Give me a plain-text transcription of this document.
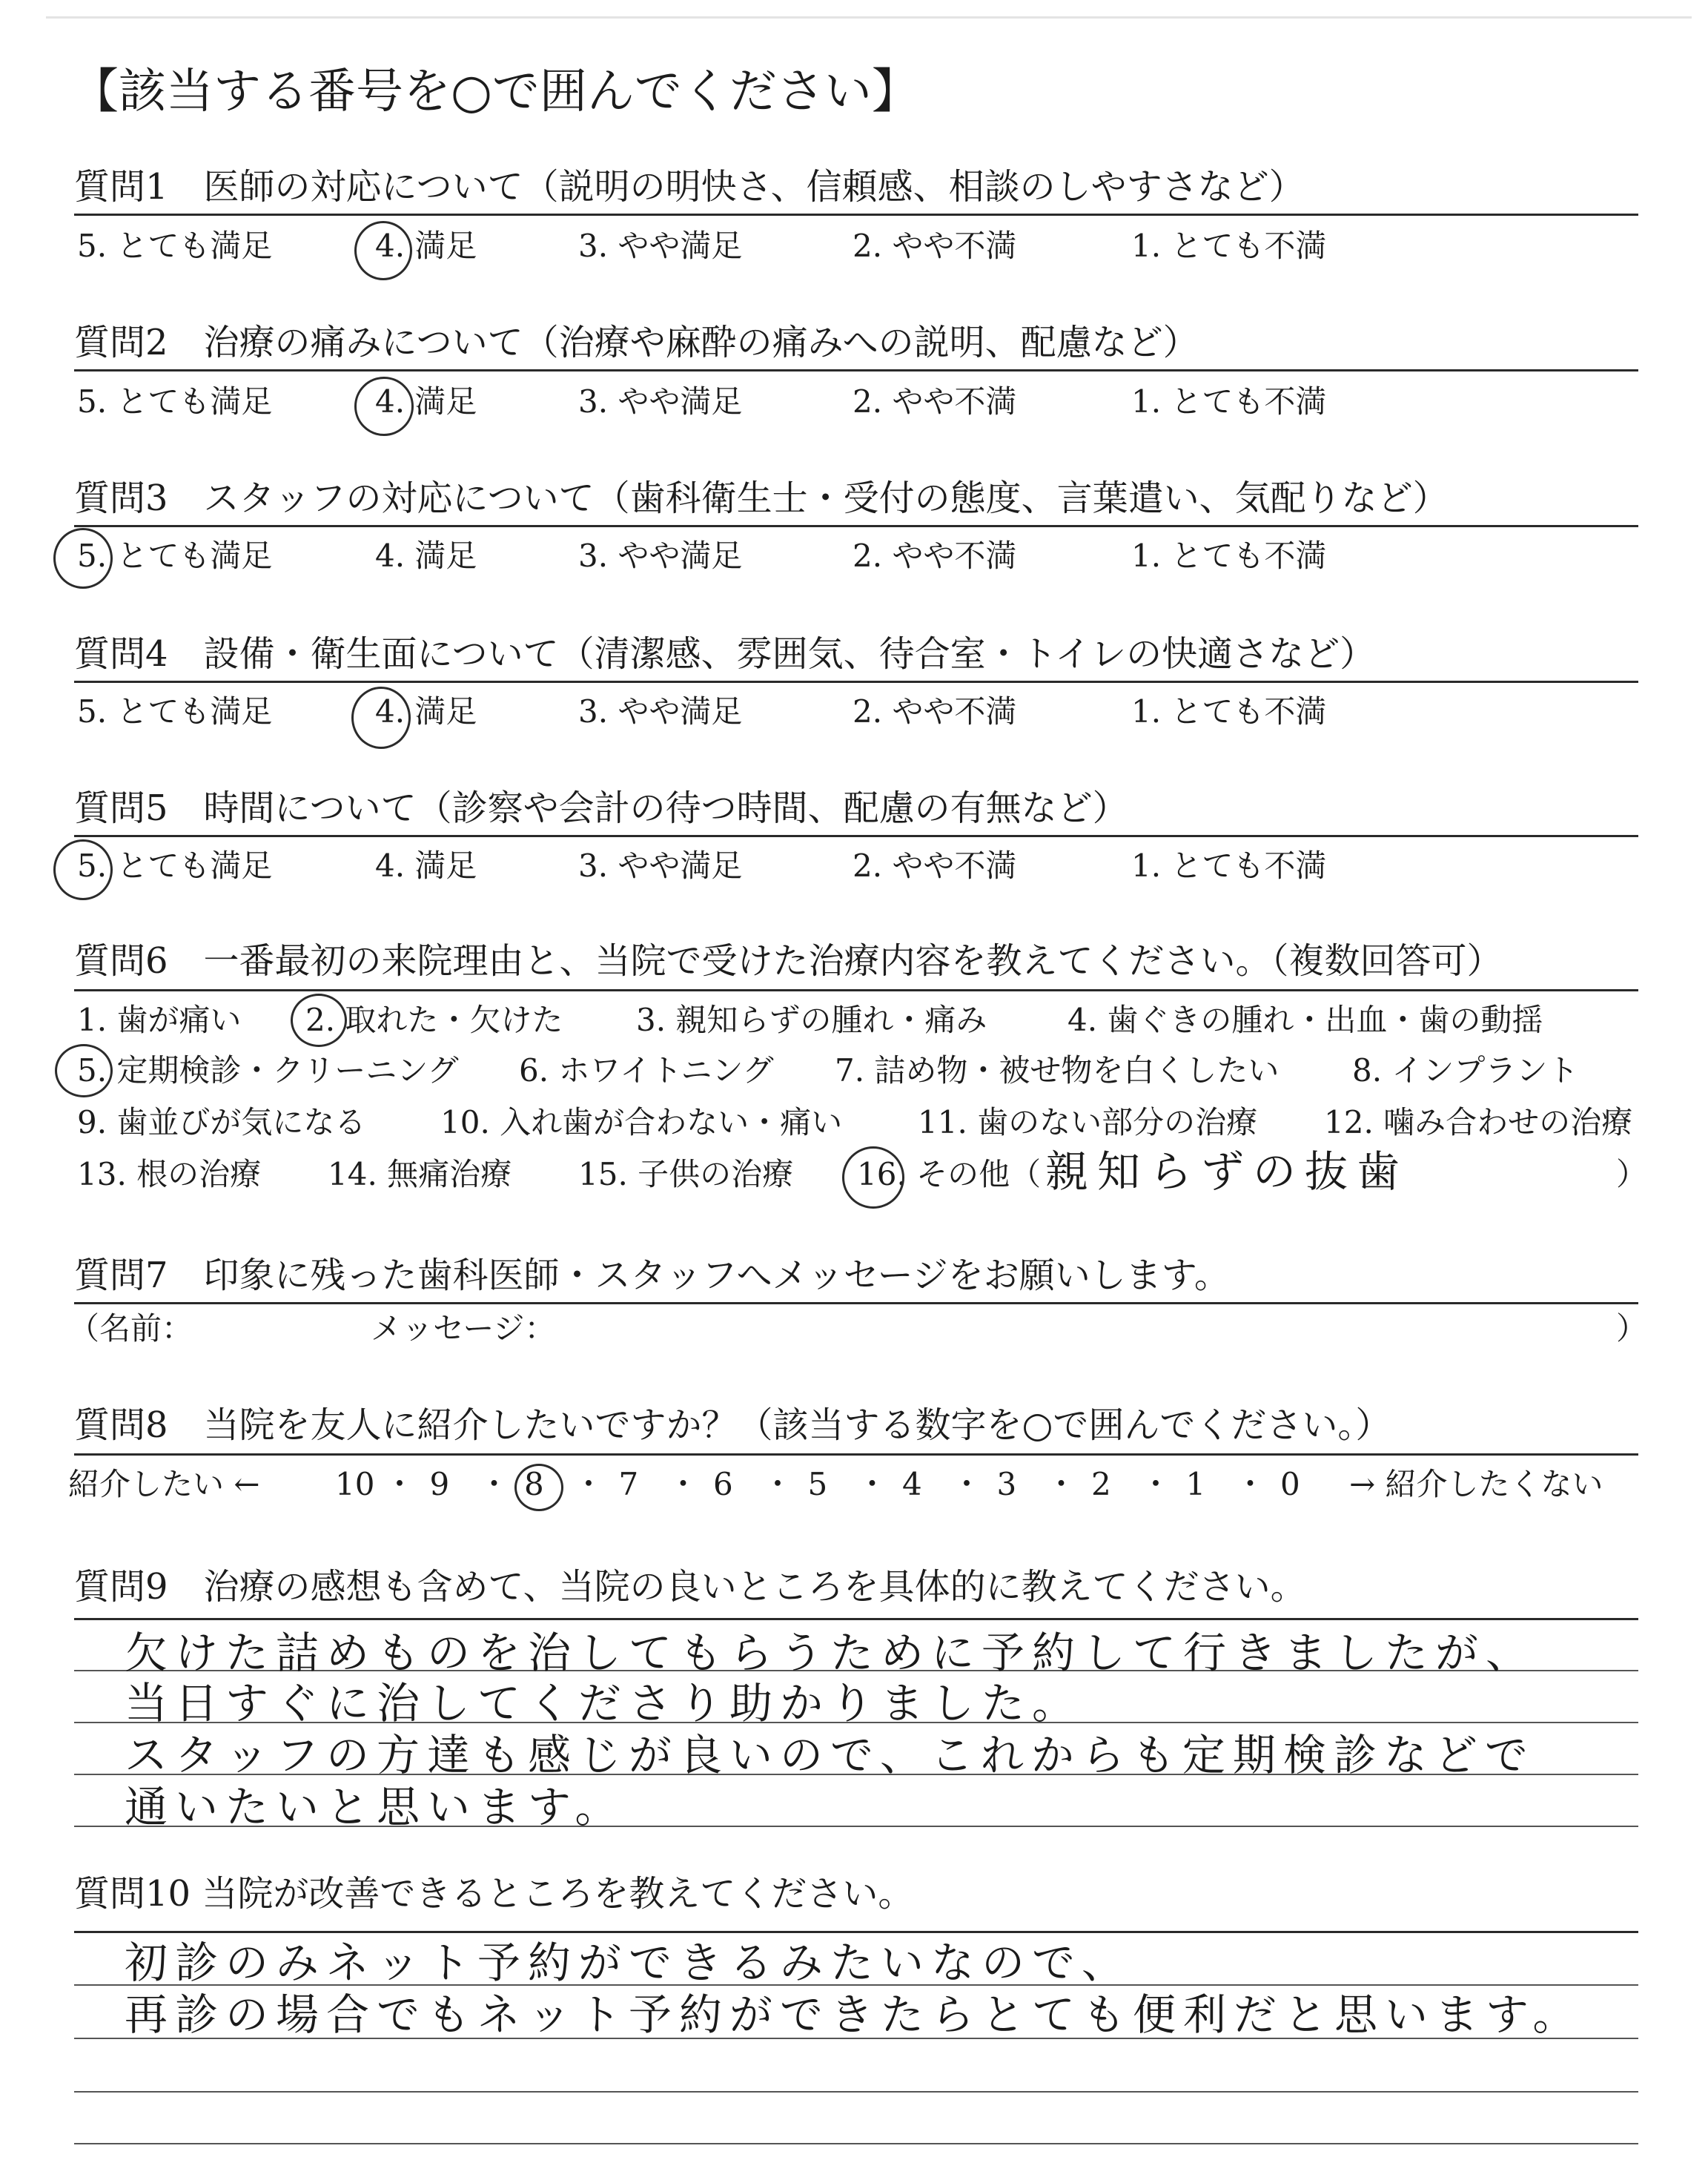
【該当する番号を○で囲んでください】
質問1　医師の対応について（説明の明快さ、信頼感、相談のしやすさなど）
5. とても満足	4. 満足	3. やや満足	2. やや不満	1. とても不満
質問2　治療の痛みについて（治療や麻酔の痛みへの説明、配慮など）
5. とても満足	4. 満足	3. やや満足	2. やや不満	1. とても不満
質問3　スタッフの対応について（歯科衛生士・受付の態度、言葉遣い、気配りなど）
5. とても満足	4. 満足	3. やや満足	2. やや不満	1. とても不満
質問4　設備・衛生面について（清潔感、雰囲気、待合室・トイレの快適さなど）
5. とても満足	4. 満足	3. やや満足	2. やや不満	1. とても不満
質問5　時間について（診察や会計の待つ時間、配慮の有無など）
5. とても満足	4. 満足	3. やや満足	2. やや不満	1. とても不満
質問6　一番最初の来院理由と、当院で受けた治療内容を教えてください。（複数回答可）
1. 歯が痛い 2. 取れた・欠けた 3. 親知らずの腫れ・痛み	4. 歯ぐきの腫れ・出血・歯の動揺
5. 定期検診・クリーニング 6. ホワイトニング 7. 詰め物・被せ物を白くしたい 8. インプラント
9. 歯並びが気になる 10. 入れ歯が合わない・痛い 11. 歯のない部分の治療 12. 噛み合わせの治療
13. 根の治療 14. 無痛治療 15. 子供の治療 16. その他（ 親知らずの抜歯	）
質問7　印象に残った歯科医師・スタッフへメッセージをお願いします。
（名前：	メッセージ：	）
質問8　当院を友人に紹介したいですか？（該当する数字を○で囲んでください。）
紹介したい ← 10 ・ 9 ・ 8 ・ 7 ・ 6 ・ 5 ・ 4 ・ 3 ・ 2 ・ 1 ・ 0 → 紹介したくない
質問9　治療の感想も含めて、当院の良いところを具体的に教えてください。
欠けた詰めものを治してもらうために予約して行きましたが、
当日すぐに治してくださり助かりました。
スタッフの方達も感じが良いので、これからも定期検診などで
通いたいと思います。
質問10 当院が改善できるところを教えてください。
初診のみネット予約ができるみたいなので、
再診の場合でもネット予約ができたらとても便利だと思います。
